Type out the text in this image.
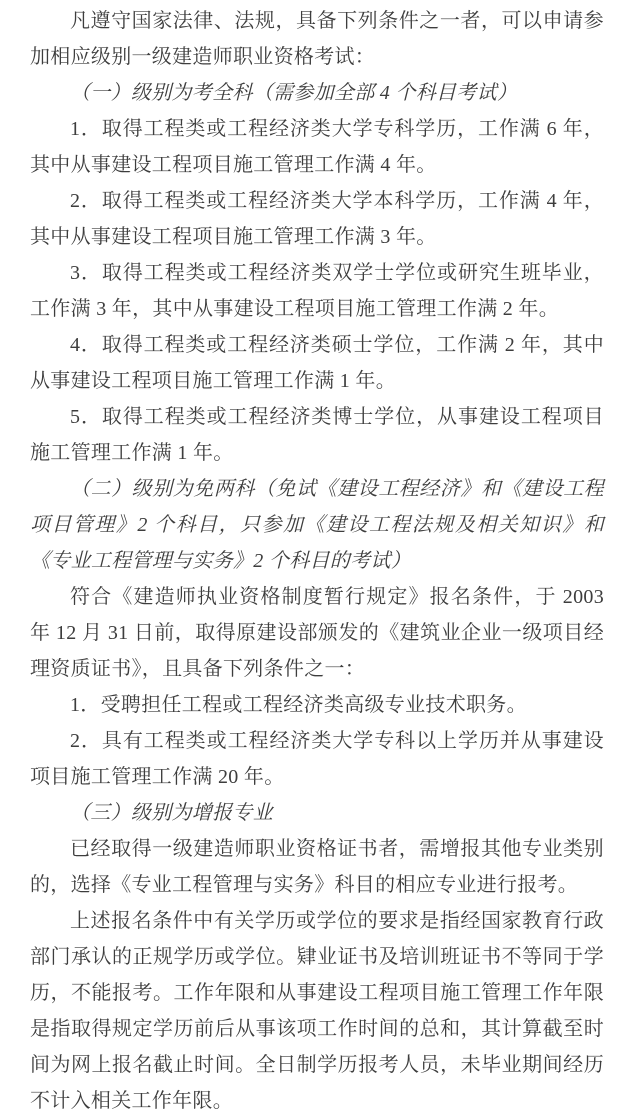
凡遵守国家法律、法规，具备下列条件之一者，可以申请参加相应级别一级建造师职业资格考试：

（一）级别为考全科（需参加全部 4 个科目考试）

1．取得工程类或工程经济类大学专科学历，工作满 6 年，其中从事建设工程项目施工管理工作满 4 年。

2．取得工程类或工程经济类大学本科学历，工作满 4 年，其中从事建设工程项目施工管理工作满 3 年。

3．取得工程类或工程经济类双学士学位或研究生班毕业，工作满 3 年，其中从事建设工程项目施工管理工作满 2 年。

4．取得工程类或工程经济类硕士学位，工作满 2 年，其中从事建设工程项目施工管理工作满 1 年。

5．取得工程类或工程经济类博士学位，从事建设工程项目施工管理工作满 1 年。

（二）级别为免两科（免试《建设工程经济》和《建设工程项目管理》2 个科目，只参加《建设工程法规及相关知识》和《专业工程管理与实务》2 个科目的考试）

符合《建造师执业资格制度暂行规定》报名条件，于 2003 年 12 月 31 日前，取得原建设部颁发的《建筑业企业一级项目经理资质证书》，且具备下列条件之一：

1．受聘担任工程或工程经济类高级专业技术职务。

2．具有工程类或工程经济类大学专科以上学历并从事建设项目施工管理工作满 20 年。

（三）级别为增报专业

已经取得一级建造师职业资格证书者，需增报其他专业类别的，选择《专业工程管理与实务》科目的相应专业进行报考。

上述报名条件中有关学历或学位的要求是指经国家教育行政部门承认的正规学历或学位。肄业证书及培训班证书不等同于学历，不能报考。工作年限和从事建设工程项目施工管理工作年限是指取得规定学历前后从事该项工作时间的总和，其计算截至时间为网上报名截止时间。全日制学历报考人员，未毕业期间经历不计入相关工作年限。
